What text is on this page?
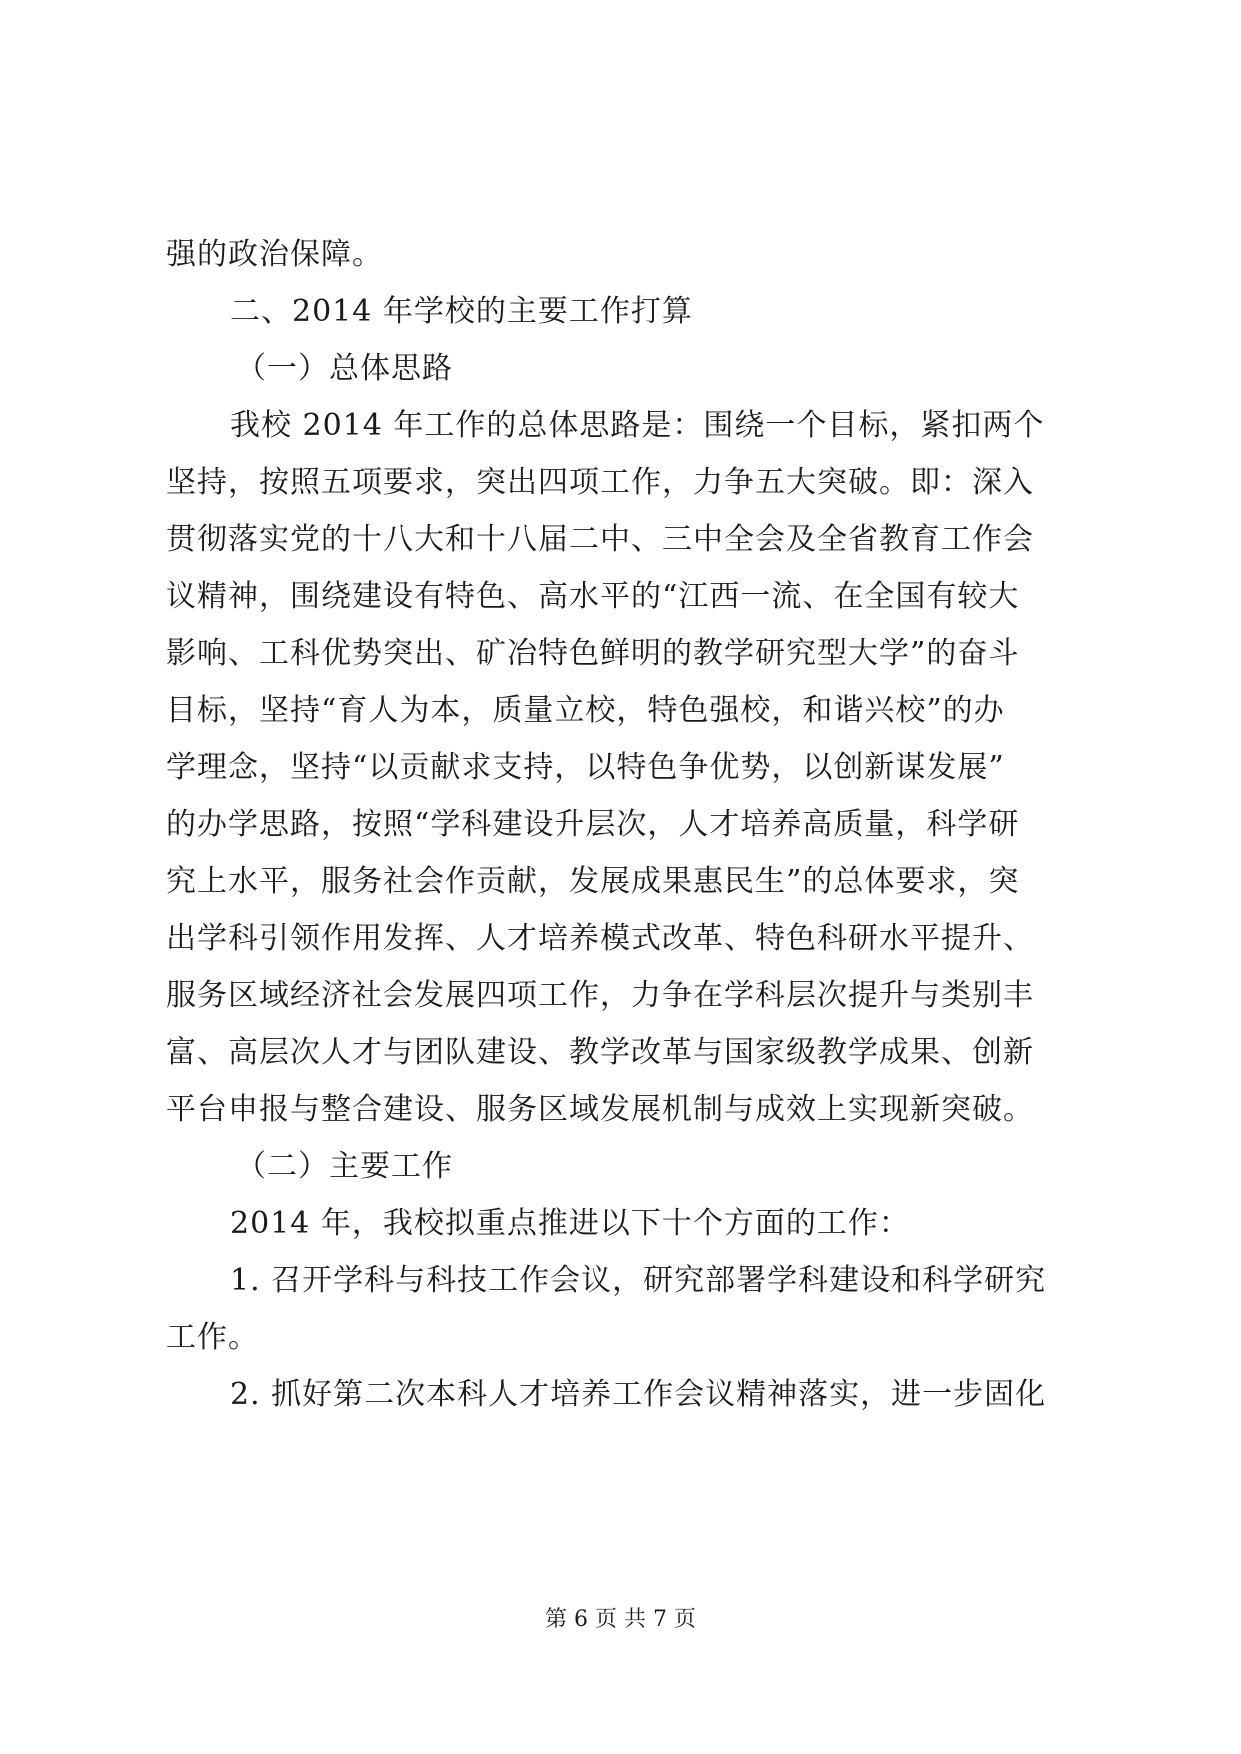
强的政治保障。
二、2014 年学校的主要工作打算
（一）总体思路
我校 2014 年工作的总体思路是：围绕一个目标，紧扣两个
坚持，按照五项要求，突出四项工作，力争五大突破。即：深入
贯彻落实党的十八大和十八届二中、三中全会及全省教育工作会
议精神，围绕建设有特色、高水平的“江西一流、在全国有较大
影响、工科优势突出、矿冶特色鲜明的教学研究型大学”的奋斗
目标，坚持“育人为本，质量立校，特色强校，和谐兴校”的办
学理念，坚持“以贡献求支持，以特色争优势，以创新谋发展”
的办学思路，按照“学科建设升层次，人才培养高质量，科学研
究上水平，服务社会作贡献，发展成果惠民生”的总体要求，突
出学科引领作用发挥、人才培养模式改革、特色科研水平提升、
服务区域经济社会发展四项工作，力争在学科层次提升与类别丰
富、高层次人才与团队建设、教学改革与国家级教学成果、创新
平台申报与整合建设、服务区域发展机制与成效上实现新突破。
（二）主要工作
2014 年，我校拟重点推进以下十个方面的工作：
1. 召开学科与科技工作会议，研究部署学科建设和科学研究
工作。
2. 抓好第二次本科人才培养工作会议精神落实，进一步固化
第 6 页 共 7 页
